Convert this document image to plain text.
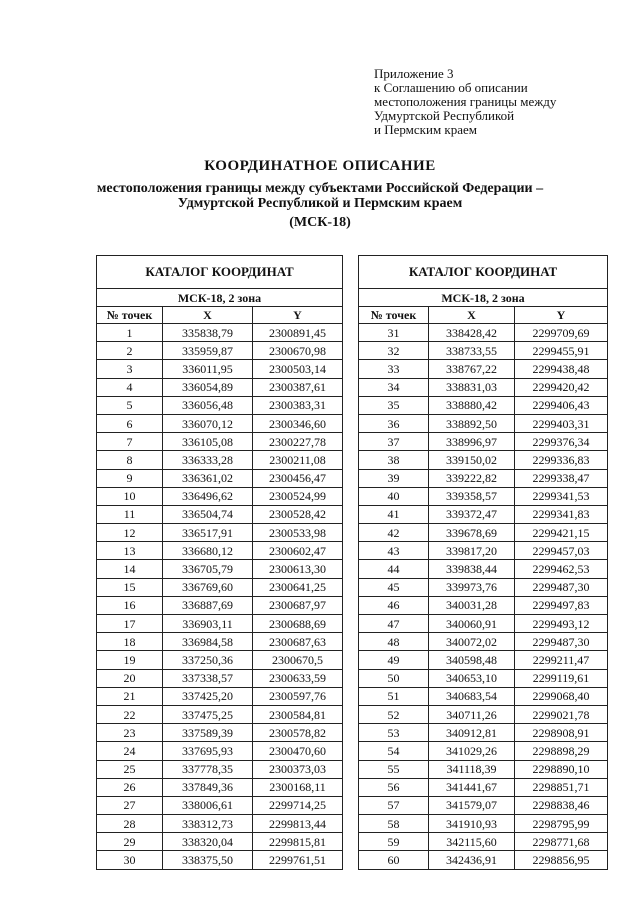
Приложение 3
к Соглашению об описании
местоположения границы между
Удмуртской Республикой
и Пермским краем
КООРДИНАТНОЕ ОПИСАНИЕ
местоположения границы между субъектами Российской Федерации –
Удмуртской Республикой и Пермским краем
(МСК-18)
КАТАЛОГ КООРДИНАТ		
МСК-18, 2 зона		
№ точек	X	Y
1	335838,79	2300891,45
2	335959,87	2300670,98
3	336011,95	2300503,14
4	336054,89	2300387,61
5	336056,48	2300383,31
6	336070,12	2300346,60
7	336105,08	2300227,78
8	336333,28	2300211,08
9	336361,02	2300456,47
10	336496,62	2300524,99
11	336504,74	2300528,42
12	336517,91	2300533,98
13	336680,12	2300602,47
14	336705,79	2300613,30
15	336769,60	2300641,25
16	336887,69	2300687,97
17	336903,11	2300688,69
18	336984,58	2300687,63
19	337250,36	2300670,5
20	337338,57	2300633,59
21	337425,20	2300597,76
22	337475,25	2300584,81
23	337589,39	2300578,82
24	337695,93	2300470,60
25	337778,35	2300373,03
26	337849,36	2300168,11
27	338006,61	2299714,25
28	338312,73	2299813,44
29	338320,04	2299815,81
30	338375,50	2299761,51
КАТАЛОГ КООРДИНАТ		
МСК-18, 2 зона		
№ точек	X	Y
31	338428,42	2299709,69
32	338733,55	2299455,91
33	338767,22	2299438,48
34	338831,03	2299420,42
35	338880,42	2299406,43
36	338892,50	2299403,31
37	338996,97	2299376,34
38	339150,02	2299336,83
39	339222,82	2299338,47
40	339358,57	2299341,53
41	339372,47	2299341,83
42	339678,69	2299421,15
43	339817,20	2299457,03
44	339838,44	2299462,53
45	339973,76	2299487,30
46	340031,28	2299497,83
47	340060,91	2299493,12
48	340072,02	2299487,30
49	340598,48	2299211,47
50	340653,10	2299119,61
51	340683,54	2299068,40
52	340711,26	2299021,78
53	340912,81	2298908,91
54	341029,26	2298898,29
55	341118,39	2298890,10
56	341441,67	2298851,71
57	341579,07	2298838,46
58	341910,93	2298795,99
59	342115,60	2298771,68
60	342436,91	2298856,95
